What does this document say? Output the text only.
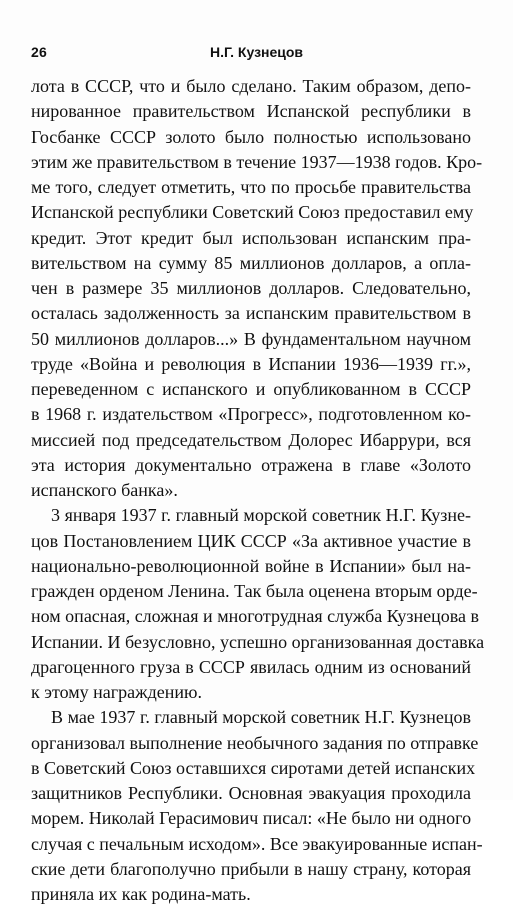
26	Н.Г. Кузнецов
лота в СССР, что и было сделано. Таким образом, депо-
нированное правительством Испанской республики в
Госбанке СССР золото было полностью использовано
этим же правительством в течение 1937—1938 годов. Кро-
ме того, следует отметить, что по просьбе правительства
Испанской республики Советский Союз предоставил ему
кредит. Этот кредит был использован испанским пра-
вительством на сумму 85 миллионов долларов, а опла-
чен в размере 35 миллионов долларов. Следовательно,
осталась задолженность за испанским правительством в
50 миллионов долларов...» В фундаментальном научном
труде «Война и революция в Испании 1936—1939 гг.»,
переведенном с испанского и опубликованном в СССР
в 1968 г. издательством «Прогресс», подготовленном ко-
миссией под председательством Долорес Ибаррури, вся
эта история документально отражена в главе «Золото
испанского банка».
3 января 1937 г. главный морской советник Н.Г. Кузне-
цов Постановлением ЦИК СССР «За активное участие в
национально-революционной войне в Испании» был на-
гражден орденом Ленина. Так была оценена вторым орде-
ном опасная, сложная и многотрудная служба Кузнецова в
Испании. И безусловно, успешно организованная доставка
драгоценного груза в СССР явилась одним из оснований
к этому награждению.
В мае 1937 г. главный морской советник Н.Г. Кузнецов
организовал выполнение необычного задания по отправке
в Советский Союз оставшихся сиротами детей испанских
защитников Республики. Основная эвакуация проходила
морем. Николай Герасимович писал: «Не было ни одного
случая с печальным исходом». Все эвакуированные испан-
ские дети благополучно прибыли в нашу страну, которая
приняла их как родина-мать.
